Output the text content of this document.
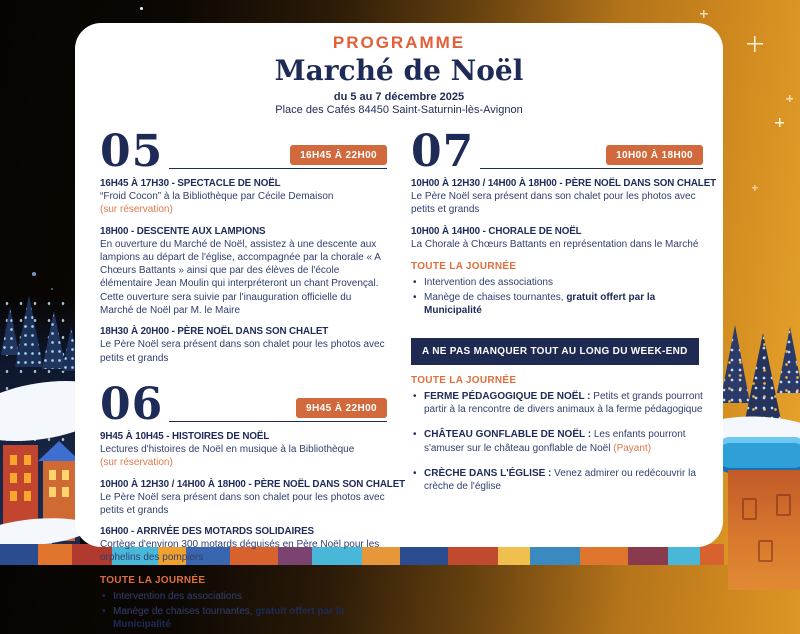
PROGRAMME
Marché de Noël
du 5 au 7 décembre 2025
Place des Cafés 84450 Saint-Saturnin-lès-Avignon
05	16H45 À 22H00
16H45 À 17H30 - SPECTACLE DE NOËL
“Froid Cocon” à la Bibliothèque par Cécile Demaison
(sur réservation)
18H00 - DESCENTE AUX LAMPIONS
En ouverture du Marché de Noël, assistez à une descente aux lampions au départ de l'église, accompagnée par la chorale « A Chœurs Battants » ainsi que par des élèves de l'école élémentaire Jean Moulin qui interpréteront un chant Provençal. Cette ouverture sera suivie par l'inauguration officielle du Marché de Noël par M. le Maire
18H30 À 20H00 - PÈRE NOËL DANS SON CHALET
Le Père Noël sera présent dans son chalet pour les photos avec petits et grands
06	9H45 À 22H00
9H45 À 10H45 - HISTOIRES DE NOËL
Lectures d'histoires de Noël en musique à la Bibliothèque
(sur réservation)
10H00 À 12H30 / 14H00 À 18H00 - PÈRE NOËL DANS SON CHALET
Le Père Noël sera présent dans son chalet pour les photos avec petits et grands
16H00 - ARRIVÉE DES MOTARDS SOLIDAIRES
Cortège d'environ 300 motards déguisés en Père Noël pour les orphelins des pompiers
TOUTE LA JOURNÉE
• Intervention des associations
• Manège de chaises tournantes, gratuit offert par la Municipalité
07	10H00 À 18H00
10H00 À 12H30 / 14H00 À 18H00 - PÈRE NOËL DANS SON CHALET
Le Père Noël sera présent dans son chalet pour les photos avec petits et grands
10H00 À 14H00 - CHORALE DE NOËL
La Chorale à Chœurs Battants en représentation dans le Marché
TOUTE LA JOURNÉE
• Intervention des associations
• Manège de chaises tournantes, gratuit offert par la Municipalité
A NE PAS MANQUER TOUT AU LONG DU WEEK-END
TOUTE LA JOURNÉE
• FERME PÉDAGOGIQUE DE NOËL : Petits et grands pourront partir à la rencontre de divers animaux à la ferme pédagogique
• CHÂTEAU GONFLABLE DE NOËL : Les enfants pourront s'amuser sur le château gonflable de Noël (Payant)
• CRÈCHE DANS L'ÉGLISE : Venez admirer ou redécouvrir la crèche de l'église
